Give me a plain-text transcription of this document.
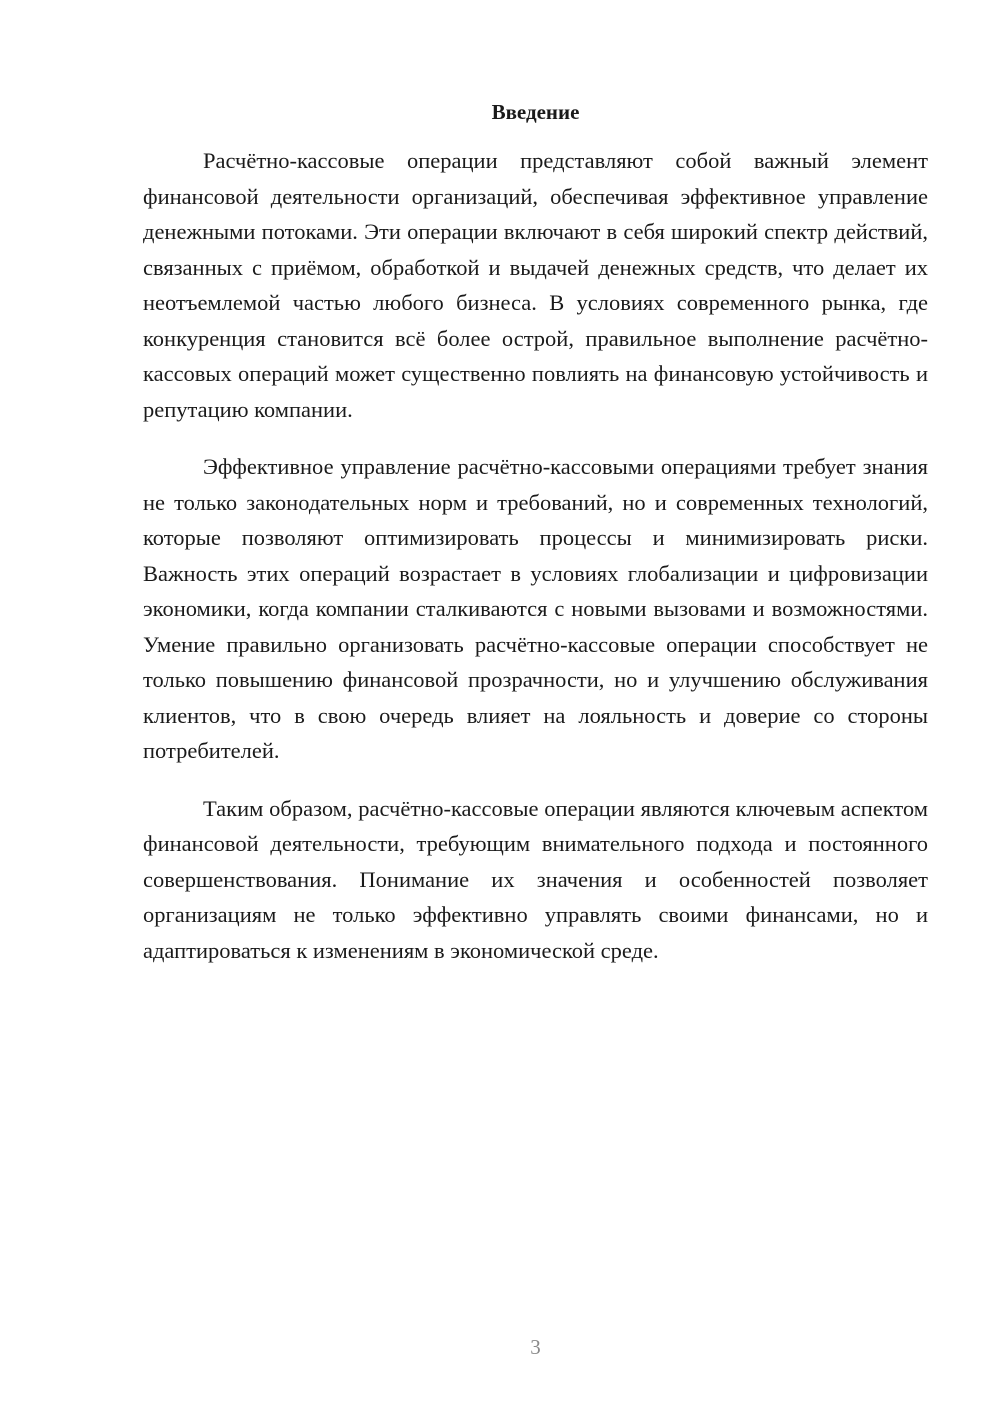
Введение

Расчётно-кассовые операции представляют собой важный элемент финансовой деятельности организаций, обеспечивая эффективное управление денежными потоками. Эти операции включают в себя широкий спектр действий, связанных с приёмом, обработкой и выдачей денежных средств, что делает их неотъемлемой частью любого бизнеса. В условиях современного рынка, где конкуренция становится всё более острой, правильное выполнение расчётно-кассовых операций может существенно повлиять на финансовую устойчивость и репутацию компании.

Эффективное управление расчётно-кассовыми операциями требует знания не только законодательных норм и требований, но и современных технологий, которые позволяют оптимизировать процессы и минимизировать риски. Важность этих операций возрастает в условиях глобализации и цифровизации экономики, когда компании сталкиваются с новыми вызовами и возможностями. Умение правильно организовать расчётно-кассовые операции способствует не только повышению финансовой прозрачности, но и улучшению обслуживания клиентов, что в свою очередь влияет на лояльность и доверие со стороны потребителей.

Таким образом, расчётно-кассовые операции являются ключевым аспектом финансовой деятельности, требующим внимательного подхода и постоянного совершенствования. Понимание их значения и особенностей позволяет организациям не только эффективно управлять своими финансами, но и адаптироваться к изменениям в экономической среде.

3
